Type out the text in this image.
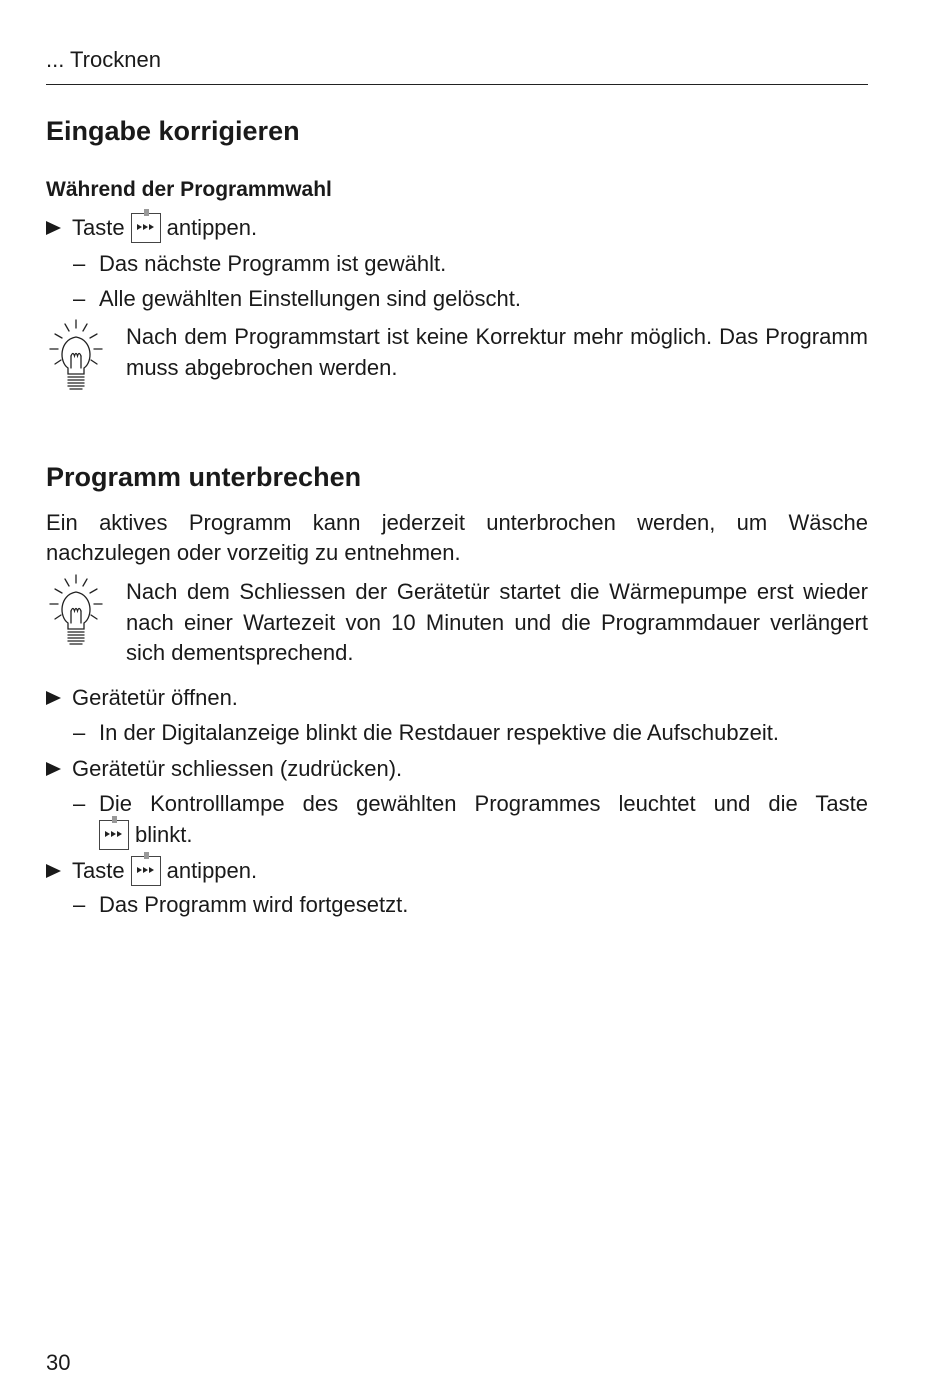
... Trocknen
Eingabe korrigieren
Während der Programmwahl
Taste antippen.
– Das nächste Programm ist gewählt.
– Alle gewählten Einstellungen sind gelöscht.
Nach dem Programmstart ist keine Korrektur mehr möglich. Das Programm muss abgebrochen werden.
Programm unterbrechen
Ein aktives Programm kann jederzeit unterbrochen werden, um Wäsche nachzulegen oder vorzeitig zu entnehmen.
Nach dem Schliessen der Gerätetür startet die Wärmepumpe erst wieder nach einer Wartezeit von 10 Minuten und die Programmdauer verlängert sich dementsprechend.
Gerätetür öffnen.
– In der Digitalanzeige blinkt die Restdauer respektive die Aufschubzeit.
Gerätetür schliessen (zudrücken).
– Die Kontrolllampe des gewählten Programmes leuchtet und die Taste
blinkt.
Taste antippen.
– Das Programm wird fortgesetzt.
30
